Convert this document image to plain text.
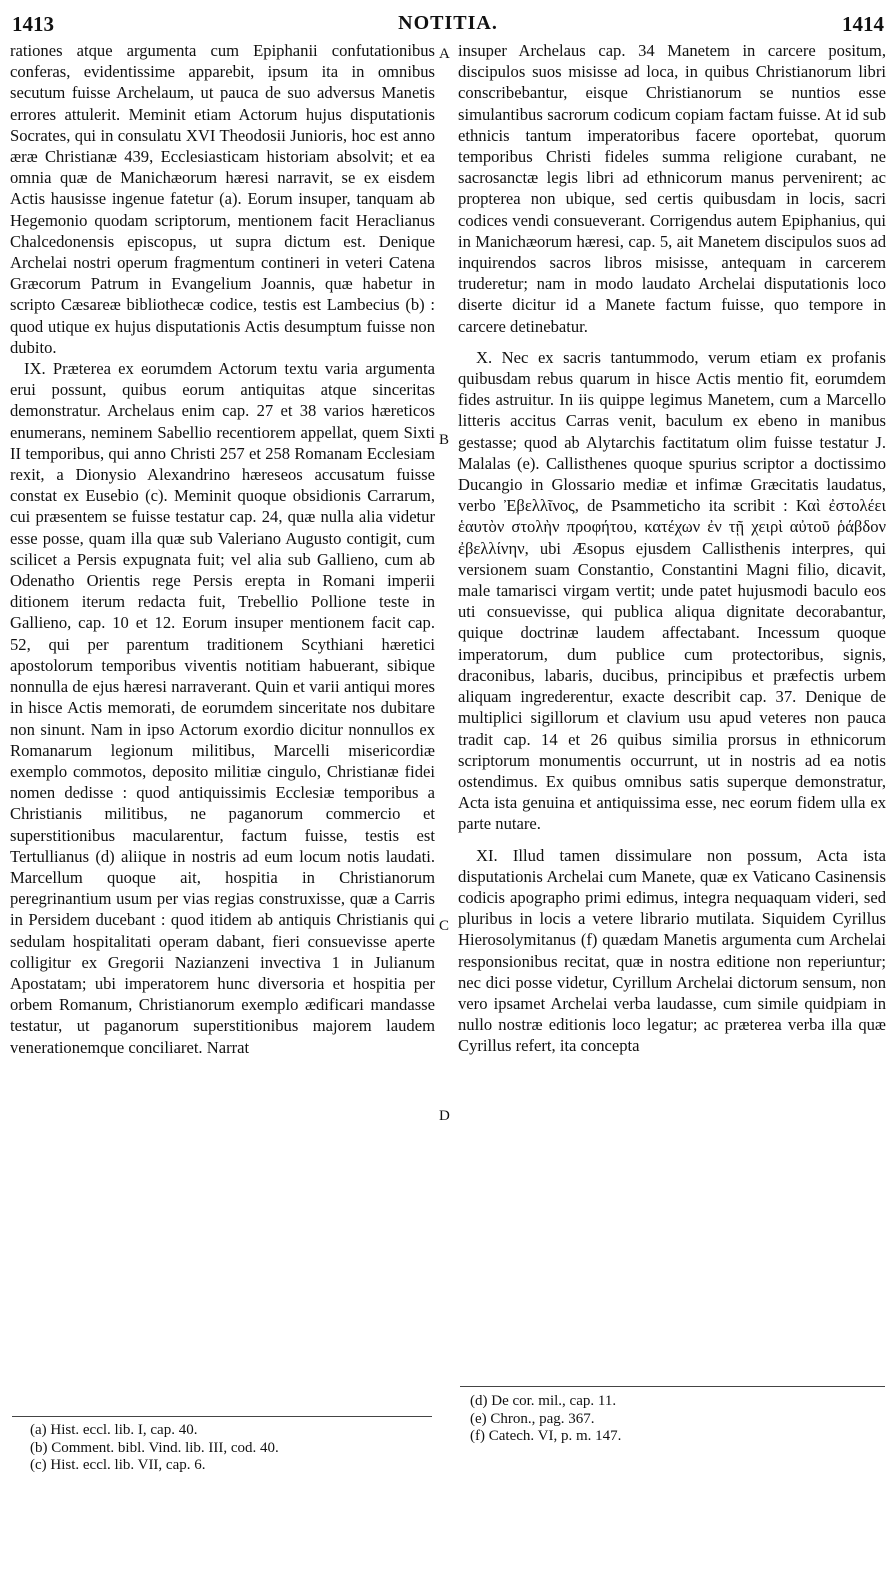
1413	NOTITIA.	1414

rationes atque argumenta cum Epiphanii confutationibus conferas, evidentissime apparebit, ipsum ita in omnibus secutum fuisse Archelaum, ut pauca de suo adversus Manetis errores attulerit. Meminit etiam Actorum hujus disputationis Socrates, qui in consulatu XVI Theodosii Junioris, hoc est anno æræ Christianæ 439, Ecclesiasticam historiam absolvit; et ea omnia quæ de Manichæorum hæresi narravit, se ex eisdem Actis hausisse ingenue fatetur (a). Eorum insuper, tanquam ab Hegemonio quodam scriptorum, mentionem facit Heraclianus Chalcedonensis episcopus, ut supra dictum est. Denique Archelai nostri operum fragmentum contineri in veteri Catena Græcorum Patrum in Evangelium Joannis, quæ habetur in scripto Cæsareæ bibliothecæ codice, testis est Lambecius (b) : quod utique ex hujus disputationis Actis desumptum fuisse non dubito.

IX. Præterea ex eorumdem Actorum textu varia argumenta erui possunt, quibus eorum antiquitas atque sinceritas demonstratur. Archelaus enim cap. 27 et 38 varios hæreticos enumerans, neminem Sabellio recentiorem appellat, quem Sixti II temporibus, qui anno Christi 257 et 258 Romanam Ecclesiam rexit, a Dionysio Alexandrino hæreseos accusatum fuisse constat ex Eusebio (c). Meminit quoque obsidionis Carrarum, cui præsentem se fuisse testatur cap. 24, quæ nulla alia videtur esse posse, quam illa quæ sub Valeriano Augusto contigit, cum scilicet a Persis expugnata fuit; vel alia sub Gallieno, cum ab Odenatho Orientis rege Persis erepta in Romani imperii ditionem iterum redacta fuit, Trebellio Pollione teste in Gallieno, cap. 10 et 12. Eorum insuper mentionem facit cap. 52, qui per parentum traditionem Scythiani hæretici apostolorum temporibus viventis notitiam habuerant, sibique nonnulla de ejus hæresi narraverant. Quin et varii antiqui mores in hisce Actis memorati, de eorumdem sinceritate nos dubitare non sinunt. Nam in ipso Actorum exordio dicitur nonnullos ex Romanarum legionum militibus, Marcelli misericordiæ exemplo commotos, deposito militiæ cingulo, Christianæ fidei nomen dedisse : quod antiquissimis Ecclesiæ temporibus a Christianis militibus, ne paganorum commercio et superstitionibus macularentur, factum fuisse, testis est Tertullianus (d) aliique in nostris ad eum locum notis laudati. Marcellum quoque ait, hospitia in Christianorum peregrinantium usum per vias regias construxisse, quæ a Carris in Persidem ducebant : quod itidem ab antiquis Christianis qui sedulam hospitalitati operam dabant, fieri consuevisse aperte colligitur ex Gregorii Nazianzeni invectiva 1 in Julianum Apostatam; ubi imperatorem hunc diversoria et hospitia per orbem Romanum, Christianorum exemplo ædificari mandasse testatur, ut paganorum superstitionibus majorem laudem venerationemque conciliaret. Narrat

A
B
C
D

insuper Archelaus cap. 34 Manetem in carcere positum, discipulos suos misisse ad loca, in quibus Christianorum libri conscribebantur, eisque Christianorum se nuntios esse simulantibus sacrorum codicum copiam factam fuisse. At id sub ethnicis tantum imperatoribus facere oportebat, quorum temporibus Christi fideles summa religione curabant, ne sacrosanctæ legis libri ad ethnicorum manus pervenirent; ac propterea non ubique, sed certis quibusdam in locis, sacri codices vendi consueverant. Corrigendus autem Epiphanius, qui in Manichæorum hæresi, cap. 5, ait Manetem discipulos suos ad inquirendos sacros libros misisse, antequam in carcerem truderetur; nam in modo laudato Archelai disputationis loco diserte dicitur id a Manete factum fuisse, quo tempore in carcere detinebatur.

X. Nec ex sacris tantummodo, verum etiam ex profanis quibusdam rebus quarum in hisce Actis mentio fit, eorumdem fides astruitur. In iis quippe legimus Manetem, cum a Marcello litteris accitus Carras venit, baculum ex ebeno in manibus gestasse; quod ab Alytarchis factitatum olim fuisse testatur J. Malalas (e). Callisthenes quoque spurius scriptor a doctissimo Ducangio in Glossario mediæ et infimæ Græcitatis laudatus, verbo Ἐβελλῖνος, de Psammeticho ita scribit : Καὶ ἐστολέει ἑαυτὸν στολὴν προφήτου, κατέχων ἐν τῇ χειρὶ αὐτοῦ ῥάβδον ἐβελλίνην, ubi Æsopus ejusdem Callisthenis interpres, qui versionem suam Constantio, Constantini Magni filio, dicavit, male tamarisci virgam vertit; unde patet hujusmodi baculo eos uti consuevisse, qui publica aliqua dignitate decorabantur, quique doctrinæ laudem affectabant. Incessum quoque imperatorum, dum publice cum protectoribus, signis, draconibus, labaris, ducibus, principibus et præfectis urbem aliquam ingrederentur, exacte describit cap. 37. Denique de multiplici sigillorum et clavium usu apud veteres non pauca tradit cap. 14 et 26 quibus similia prorsus in ethnicorum scriptorum monumentis occurrunt, ut in nostris ad ea notis ostendimus. Ex quibus omnibus satis superque demonstratur, Acta ista genuina et antiquissima esse, nec eorum fidem ulla ex parte nutare.

XI. Illud tamen dissimulare non possum, Acta ista disputationis Archelai cum Manete, quæ ex Vaticano Casinensis codicis apographo primi edimus, integra nequaquam videri, sed pluribus in locis a vetere librario mutilata. Siquidem Cyrillus Hierosolymitanus (f) quædam Manetis argumenta cum Archelai responsionibus recitat, quæ in nostra editione non reperiuntur; nec dici posse videtur, Cyrillum Archelai dictorum sensum, non vero ipsamet Archelai verba laudasse, cum simile quidpiam in nullo nostræ editionis loco legatur; ac præterea verba illa quæ Cyrillus refert, ita concepta

(a) Hist. eccl. lib. I, cap. 40.
(b) Comment. bibl. Vind. lib. III, cod. 40.
(c) Hist. eccl. lib. VII, cap. 6.
(d) De cor. mil., cap. 11.
(e) Chron., pag. 367.
(f) Catech. VI, p. m. 147.
